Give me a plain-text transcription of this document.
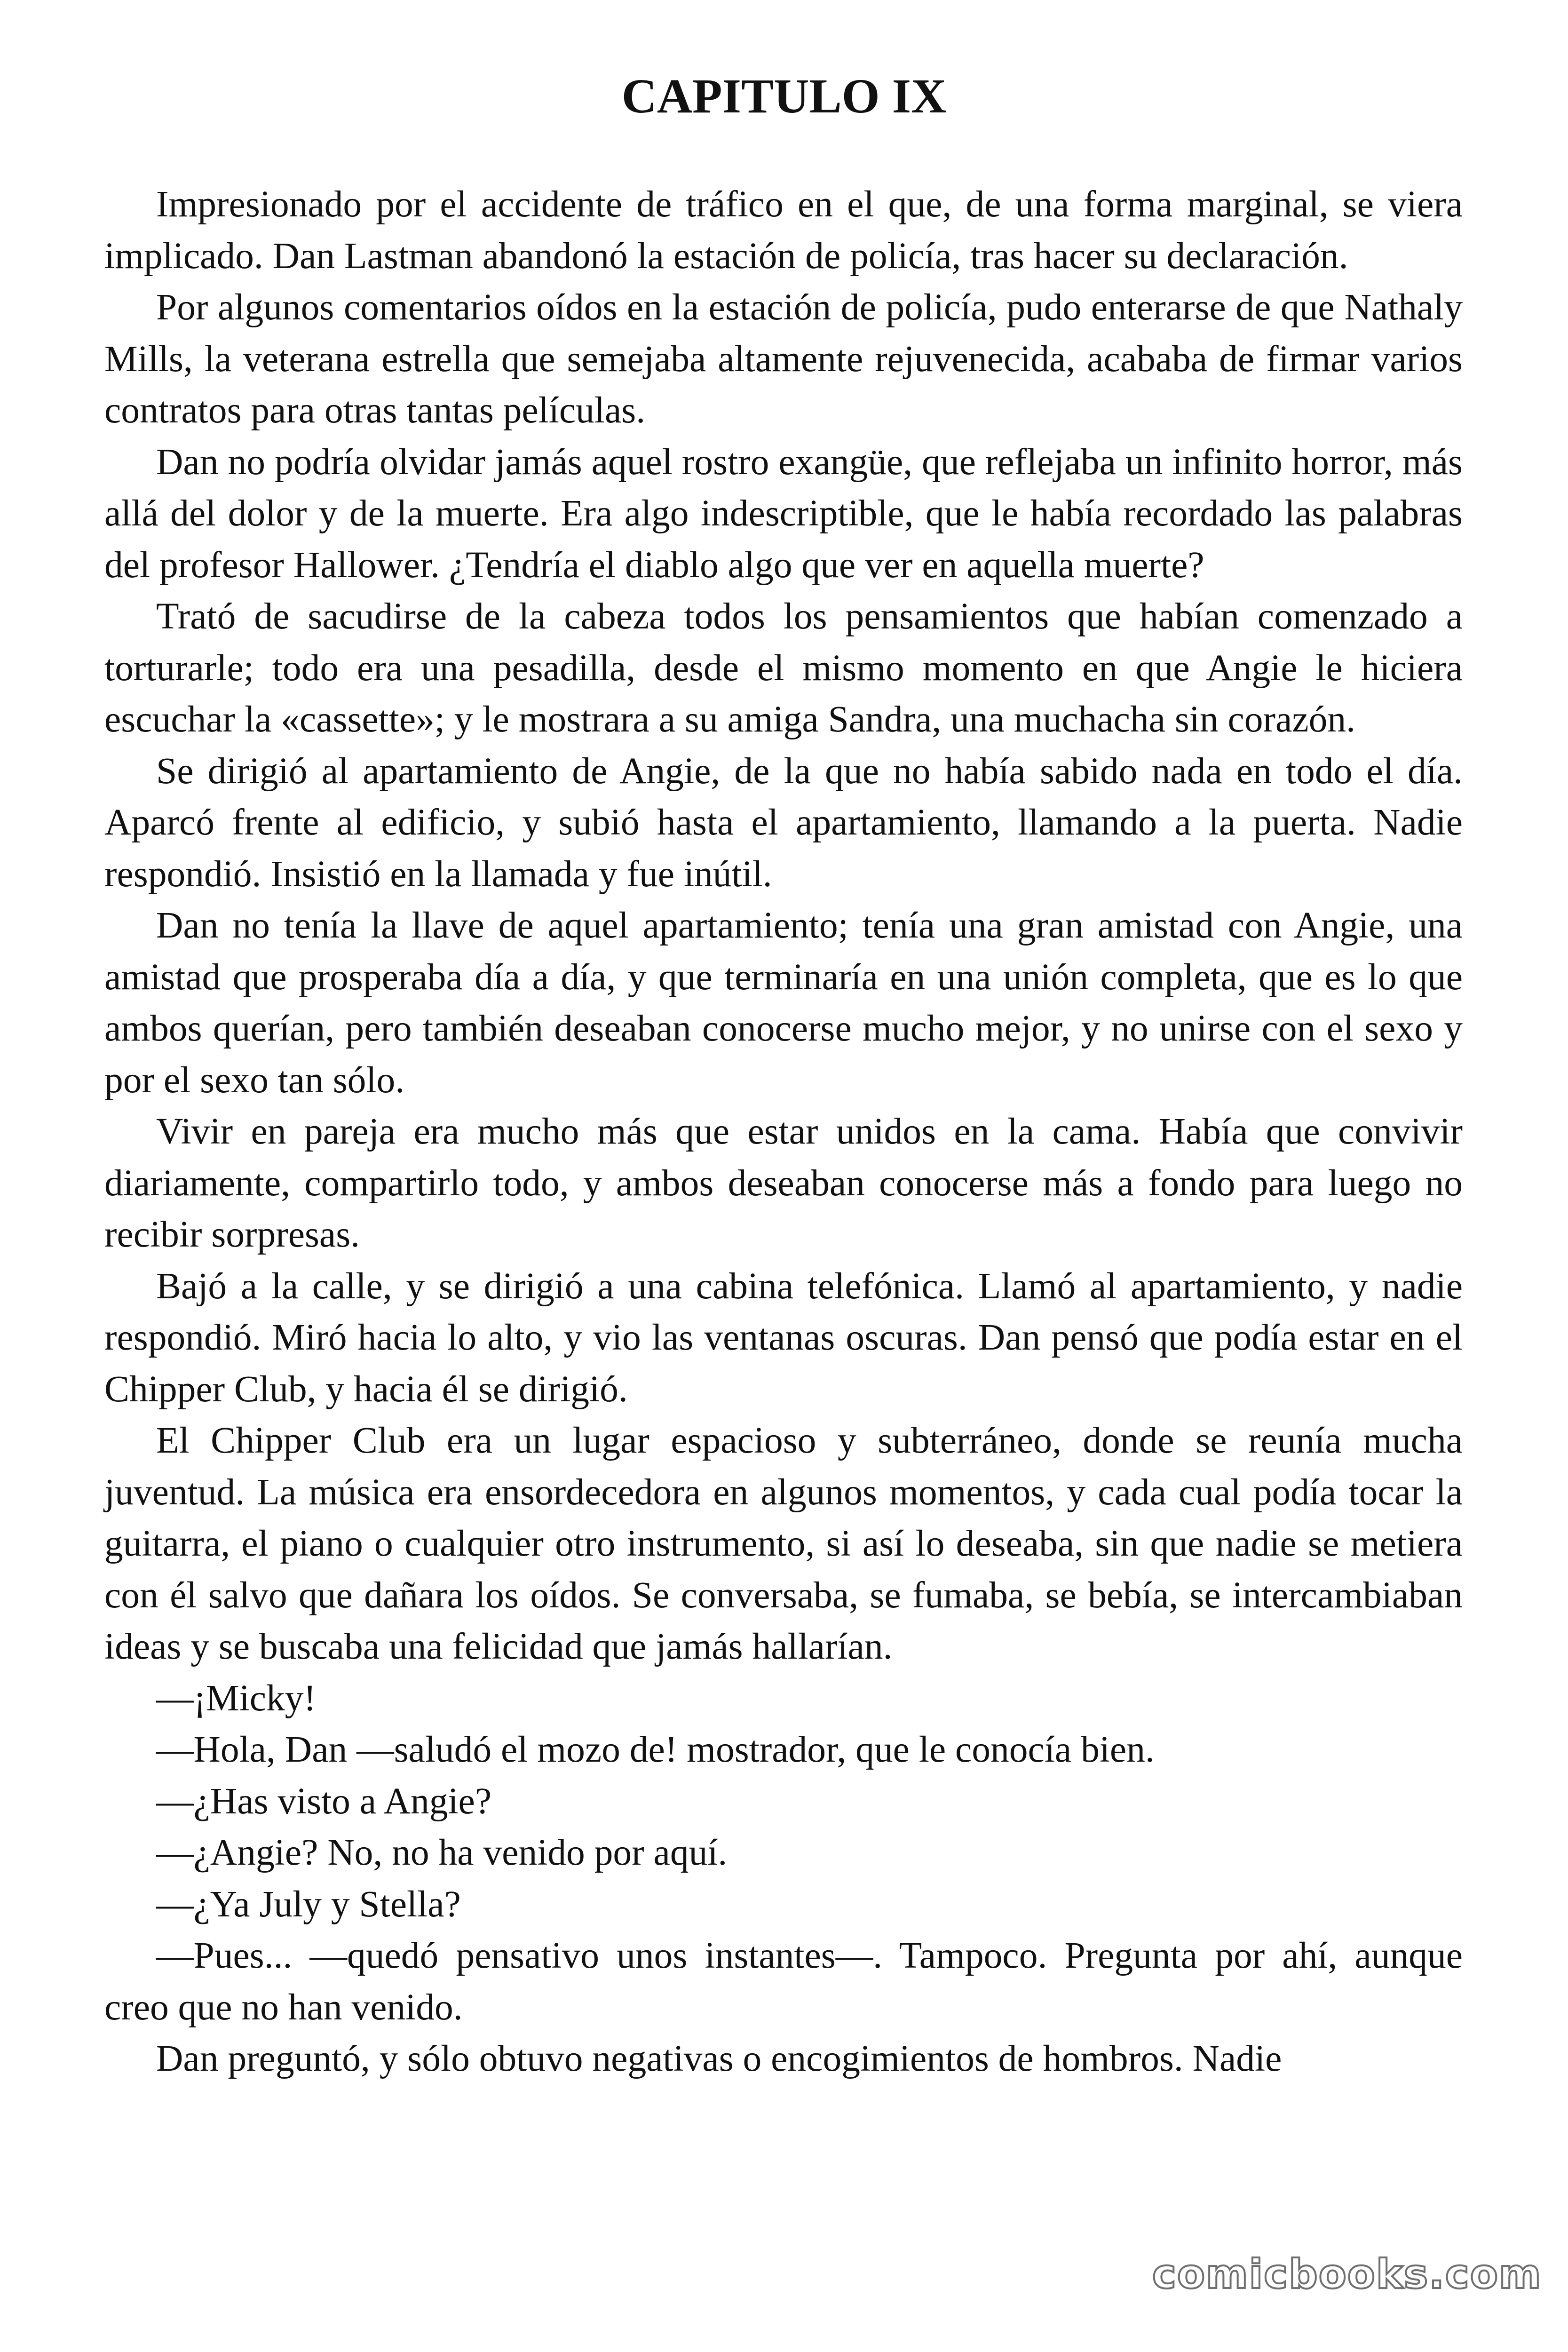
CAPITULO IX

Impresionado por el accidente de tráfico en el que, de una forma marginal, se viera implicado. Dan Lastman abandonó la estación de policía, tras hacer su declaración.

Por algunos comentarios oídos en la estación de policía, pudo enterarse de que Nathaly Mills, la veterana estrella que semejaba altamente rejuvenecida, acababa de firmar varios contratos para otras tantas películas.

Dan no podría olvidar jamás aquel rostro exangüe, que reflejaba un infinito horror, más allá del dolor y de la muerte. Era algo indescriptible, que le había recordado las palabras del profesor Hallower. ¿Tendría el diablo algo que ver en aquella muerte?

Trató de sacudirse de la cabeza todos los pensamientos que habían comenzado a torturarle; todo era una pesadilla, desde el mismo momento en que Angie le hiciera escuchar la «cassette»; y le mostrara a su amiga Sandra, una muchacha sin corazón.

Se dirigió al apartamiento de Angie, de la que no había sabido nada en todo el día. Aparcó frente al edificio, y subió hasta el apartamiento, llamando a la puerta. Nadie respondió. Insistió en la llamada y fue inútil.

Dan no tenía la llave de aquel apartamiento; tenía una gran amistad con Angie, una amistad que prosperaba día a día, y que terminaría en una unión completa, que es lo que ambos querían, pero también deseaban conocerse mucho mejor, y no unirse con el sexo y por el sexo tan sólo.

Vivir en pareja era mucho más que estar unidos en la cama. Había que convivir diariamente, compartirlo todo, y ambos deseaban conocerse más a fondo para luego no recibir sorpresas.

Bajó a la calle, y se dirigió a una cabina telefónica. Llamó al apartamiento, y nadie respondió. Miró hacia lo alto, y vio las ventanas oscuras. Dan pensó que podía estar en el Chipper Club, y hacia él se dirigió.

El Chipper Club era un lugar espacioso y subterráneo, donde se reunía mucha juventud. La música era ensordecedora en algunos momentos, y cada cual podía tocar la guitarra, el piano o cualquier otro instrumento, si así lo deseaba, sin que nadie se metiera con él salvo que dañara los oídos. Se conversaba, se fumaba, se bebía, se intercambiaban ideas y se buscaba una felicidad que jamás hallarían.

—¡Micky!

—Hola, Dan —saludó el mozo de! mostrador, que le conocía bien.

—¿Has visto a Angie?

—¿Angie? No, no ha venido por aquí.

—¿Ya July y Stella?

—Pues... —quedó pensativo unos instantes—. Tampoco. Pregunta por ahí, aunque creo que no han venido.

Dan preguntó, y sólo obtuvo negativas o encogimientos de hombros. Nadie

comicbooks.com
